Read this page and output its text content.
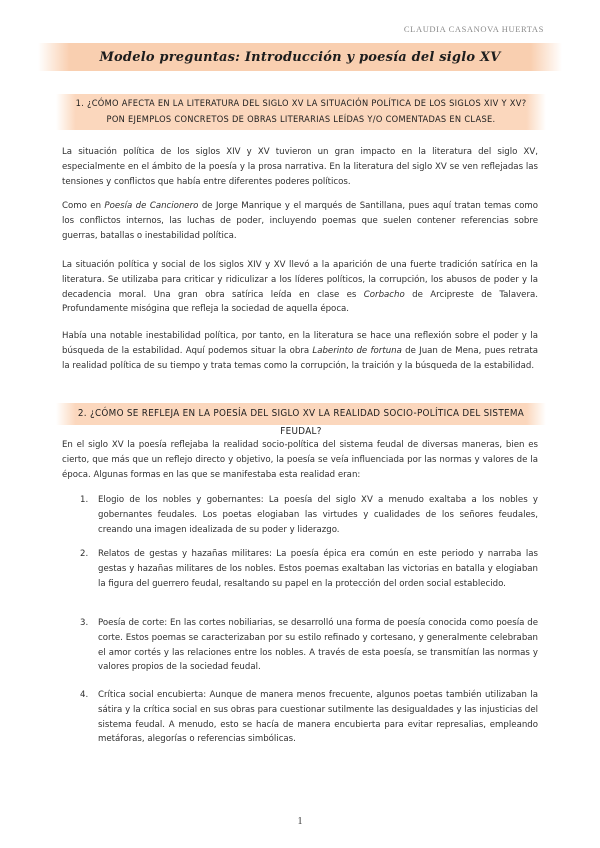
CLAUDIA CASANOVA HUERTAS
Modelo preguntas: Introducción y poesía del siglo XV
1. ¿CÓMO AFECTA EN LA LITERATURA DEL SIGLO XV LA SITUACIÓN POLÍTICA DE LOS SIGLOS XIV Y XV? PON EJEMPLOS CONCRETOS DE OBRAS LITERARIAS LEÍDAS Y/O COMENTADAS EN CLASE.

La situación política de los siglos XIV y XV tuvieron un gran impacto en la literatura del siglo XV, especialmente en el ámbito de la poesía y la prosa narrativa. En la literatura del siglo XV se ven reflejadas las tensiones y conflictos que había entre diferentes poderes políticos.

Como en Poesía de Cancionero de Jorge Manrique y el marqués de Santillana, pues aquí tratan temas como los conflictos internos, las luchas de poder, incluyendo poemas que suelen contener referencias sobre guerras, batallas o inestabilidad política.

La situación política y social de los siglos XIV y XV llevó a la aparición de una fuerte tradición satírica en la literatura. Se utilizaba para criticar y ridiculizar a los líderes políticos, la corrupción, los abusos de poder y la decadencia moral. Una gran obra satírica leída en clase es Corbacho de Arcipreste de Talavera. Profundamente misógina que refleja la sociedad de aquella época.

Había una notable inestabilidad política, por tanto, en la literatura se hace una reflexión sobre el poder y la búsqueda de la estabilidad. Aquí podemos situar la obra Laberinto de fortuna de Juan de Mena, pues retrata la realidad política de su tiempo y trata temas como la corrupción, la traición y la búsqueda de la estabilidad.

2. ¿CÓMO SE REFLEJA EN LA POESÍA DEL SIGLO XV LA REALIDAD SOCIO-POLÍTICA DEL SISTEMA FEUDAL?

En el siglo XV la poesía reflejaba la realidad socio-política del sistema feudal de diversas maneras, bien es cierto, que más que un reflejo directo y objetivo, la poesía se veía influenciada por las normas y valores de la época. Algunas formas en las que se manifestaba esta realidad eran:

1.	Elogio de los nobles y gobernantes: La poesía del siglo XV a menudo exaltaba a los nobles y gobernantes feudales. Los poetas elogiaban las virtudes y cualidades de los señores feudales, creando una imagen idealizada de su poder y liderazgo.
2.	Relatos de gestas y hazañas militares: La poesía épica era común en este periodo y narraba las gestas y hazañas militares de los nobles. Estos poemas exaltaban las victorias en batalla y elogiaban la figura del guerrero feudal, resaltando su papel en la protección del orden social establecido.
3.	Poesía de corte: En las cortes nobiliarias, se desarrolló una forma de poesía conocida como poesía de corte. Estos poemas se caracterizaban por su estilo refinado y cortesano, y generalmente celebraban el amor cortés y las relaciones entre los nobles. A través de esta poesía, se transmitían las normas y valores propios de la sociedad feudal.
4.	Crítica social encubierta: Aunque de manera menos frecuente, algunos poetas también utilizaban la sátira y la crítica social en sus obras para cuestionar sutilmente las desigualdades y las injusticias del sistema feudal. A menudo, esto se hacía de manera encubierta para evitar represalias, empleando metáforas, alegorías o referencias simbólicas.
1
